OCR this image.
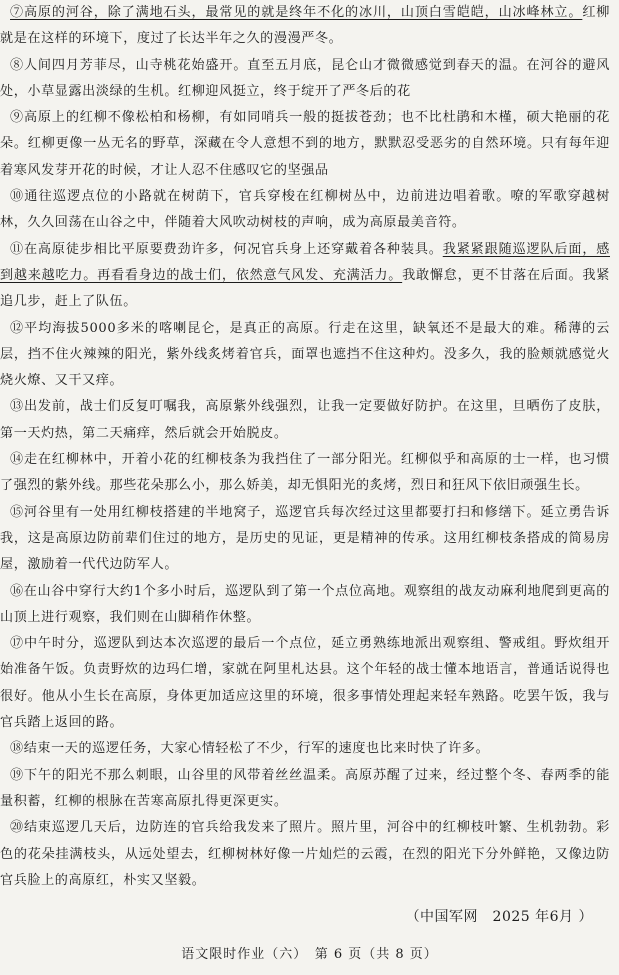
⑦高原的河谷，除了满地石头，最常见的就是终年不化的冰川，山顶白雪皑皑，山冰峰林立。红柳就是在这样的环境下，度过了长达半年之久的漫漫严冬。

⑧人间四月芳菲尽，山寺桃花始盛开。直至五月底，昆仑山才微微感觉到春天的温。在河谷的避风处，小草显露出淡绿的生机。红柳迎风挺立，终于绽开了严冬后的花

⑨高原上的红柳不像松柏和杨柳，有如同哨兵一般的挺拔苍劲；也不比杜鹃和木槿，硕大艳丽的花朵。红柳更像一丛无名的野草，深藏在令人意想不到的地方，默默忍受恶劣的自然环境。只有每年迎着寒风发芽开花的时候，才让人忍不住感叹它的坚强品

⑩通往巡逻点位的小路就在树荫下，官兵穿梭在红柳树丛中，边前进边唱着歌。嘹的军歌穿越树林，久久回荡在山谷之中，伴随着大风吹动树枝的声响，成为高原最美音符。

⑪在高原徒步相比平原要费劲许多，何况官兵身上还穿戴着各种装具。我紧紧跟随巡逻队后面，感到越来越吃力。再看看身边的战士们，依然意气风发、充满活力。我敢懈怠，更不甘落在后面。我紧追几步，赶上了队伍。

⑫平均海拔5000多米的喀喇昆仑，是真正的高原。行走在这里，缺氧还不是最大的难。稀薄的云层，挡不住火辣辣的阳光，紫外线炙烤着官兵，面罩也遮挡不住这种灼。没多久，我的脸颊就感觉火烧火燎、又干又痒。

⑬出发前，战士们反复叮嘱我，高原紫外线强烈，让我一定要做好防护。在这里，旦晒伤了皮肤，第一天灼热，第二天痛痒，然后就会开始脱皮。

⑭走在红柳林中，开着小花的红柳枝条为我挡住了一部分阳光。红柳似乎和高原的士一样，也习惯了强烈的紫外线。那些花朵那么小，那么娇美，却无惧阳光的炙烤，烈日和狂风下依旧顽强生长。

⑮河谷里有一处用红柳枝搭建的半地窝子，巡逻官兵每次经过这里都要打扫和修缮下。延立勇告诉我，这是高原边防前辈们住过的地方，是历史的见证，更是精神的传承。这用红柳枝条搭成的简易房屋，激励着一代代边防军人。

⑯在山谷中穿行大约1个多小时后，巡逻队到了第一个点位高地。观察组的战友动麻利地爬到更高的山顶上进行观察，我们则在山脚稍作休整。

⑰中午时分，巡逻队到达本次巡逻的最后一个点位，延立勇熟练地派出观察组、警戒组。野炊组开始准备午饭。负责野炊的边玛仁增，家就在阿里札达县。这个年轻的战士懂本地语言，普通话说得也很好。他从小生长在高原，身体更加适应这里的环境，很多事情处理起来轻车熟路。吃罢午饭，我与官兵踏上返回的路。

⑱结束一天的巡逻任务，大家心情轻松了不少，行军的速度也比来时快了许多。

⑲下午的阳光不那么刺眼，山谷里的风带着丝丝温柔。高原苏醒了过来，经过整个冬、春两季的能量积蓄，红柳的根脉在苦寒高原扎得更深更实。

⑳结束巡逻几天后，边防连的官兵给我发来了照片。照片里，河谷中的红柳枝叶繁、生机勃勃。彩色的花朵挂满枝头，从远处望去，红柳树林好像一片灿烂的云霞，在烈的阳光下分外鲜艳，又像边防官兵脸上的高原红，朴实又坚毅。

（中国军网　2025 年6月 ）
语文限时作业（六）　第 6 页（共 8 页）
